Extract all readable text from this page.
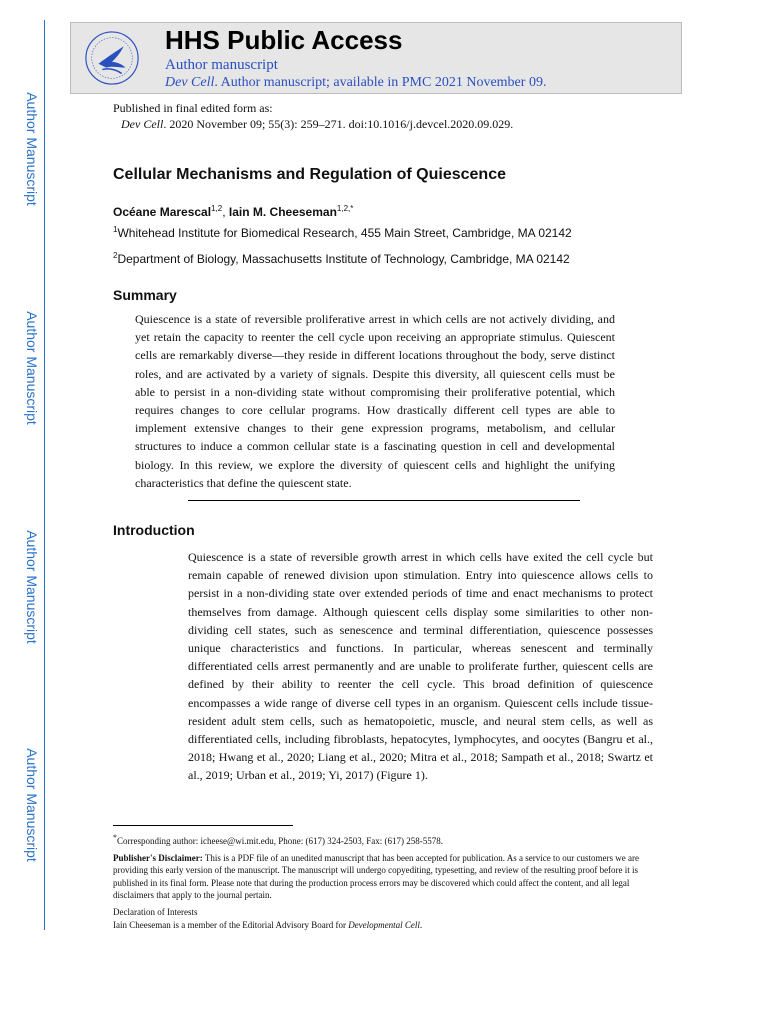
Author Manuscript
Author Manuscript
Author Manuscript
Author Manuscript
HHS Public Access
Author manuscript
Dev Cell. Author manuscript; available in PMC 2021 November 09.
Published in final edited form as:
Dev Cell. 2020 November 09; 55(3): 259–271. doi:10.1016/j.devcel.2020.09.029.
Cellular Mechanisms and Regulation of Quiescence
Océane Marescal$^{1,2}$, Iain M. Cheeseman$^{1,2,*}$
$^1$Whitehead Institute for Biomedical Research, 455 Main Street, Cambridge, MA 02142
$^2$Department of Biology, Massachusetts Institute of Technology, Cambridge, MA 02142
Summary
Quiescence is a state of reversible proliferative arrest in which cells are not actively dividing, and yet retain the capacity to reenter the cell cycle upon receiving an appropriate stimulus. Quiescent cells are remarkably diverse—they reside in different locations throughout the body, serve distinct roles, and are activated by a variety of signals. Despite this diversity, all quiescent cells must be able to persist in a non-dividing state without compromising their proliferative potential, which requires changes to core cellular programs. How drastically different cell types are able to implement extensive changes to their gene expression programs, metabolism, and cellular structures to induce a common cellular state is a fascinating question in cell and developmental biology. In this review, we explore the diversity of quiescent cells and highlight the unifying characteristics that define the quiescent state.
Introduction
Quiescence is a state of reversible growth arrest in which cells have exited the cell cycle but remain capable of renewed division upon stimulation. Entry into quiescence allows cells to persist in a non-dividing state over extended periods of time and enact mechanisms to protect themselves from damage. Although quiescent cells display some similarities to other non-dividing cell states, such as senescence and terminal differentiation, quiescence possesses unique characteristics and functions. In particular, whereas senescent and terminally differentiated cells arrest permanently and are unable to proliferate further, quiescent cells are defined by their ability to reenter the cell cycle. This broad definition of quiescence encompasses a wide range of diverse cell types in an organism. Quiescent cells include tissue-resident adult stem cells, such as hematopoietic, muscle, and neural stem cells, as well as differentiated cells, including fibroblasts, hepatocytes, lymphocytes, and oocytes (Bangru et al., 2018; Hwang et al., 2020; Liang et al., 2020; Mitra et al., 2018; Sampath et al., 2018; Swartz et al., 2019; Urban et al., 2019; Yi, 2017) (Figure 1).
*Corresponding author: icheese@wi.mit.edu, Phone: (617) 324-2503, Fax: (617) 258-5578.
Publisher's Disclaimer: This is a PDF file of an unedited manuscript that has been accepted for publication. As a service to our customers we are providing this early version of the manuscript. The manuscript will undergo copyediting, typesetting, and review of the resulting proof before it is published in its final form. Please note that during the production process errors may be discovered which could affect the content, and all legal disclaimers that apply to the journal pertain.
Declaration of Interests
Iain Cheeseman is a member of the Editorial Advisory Board for Developmental Cell.
